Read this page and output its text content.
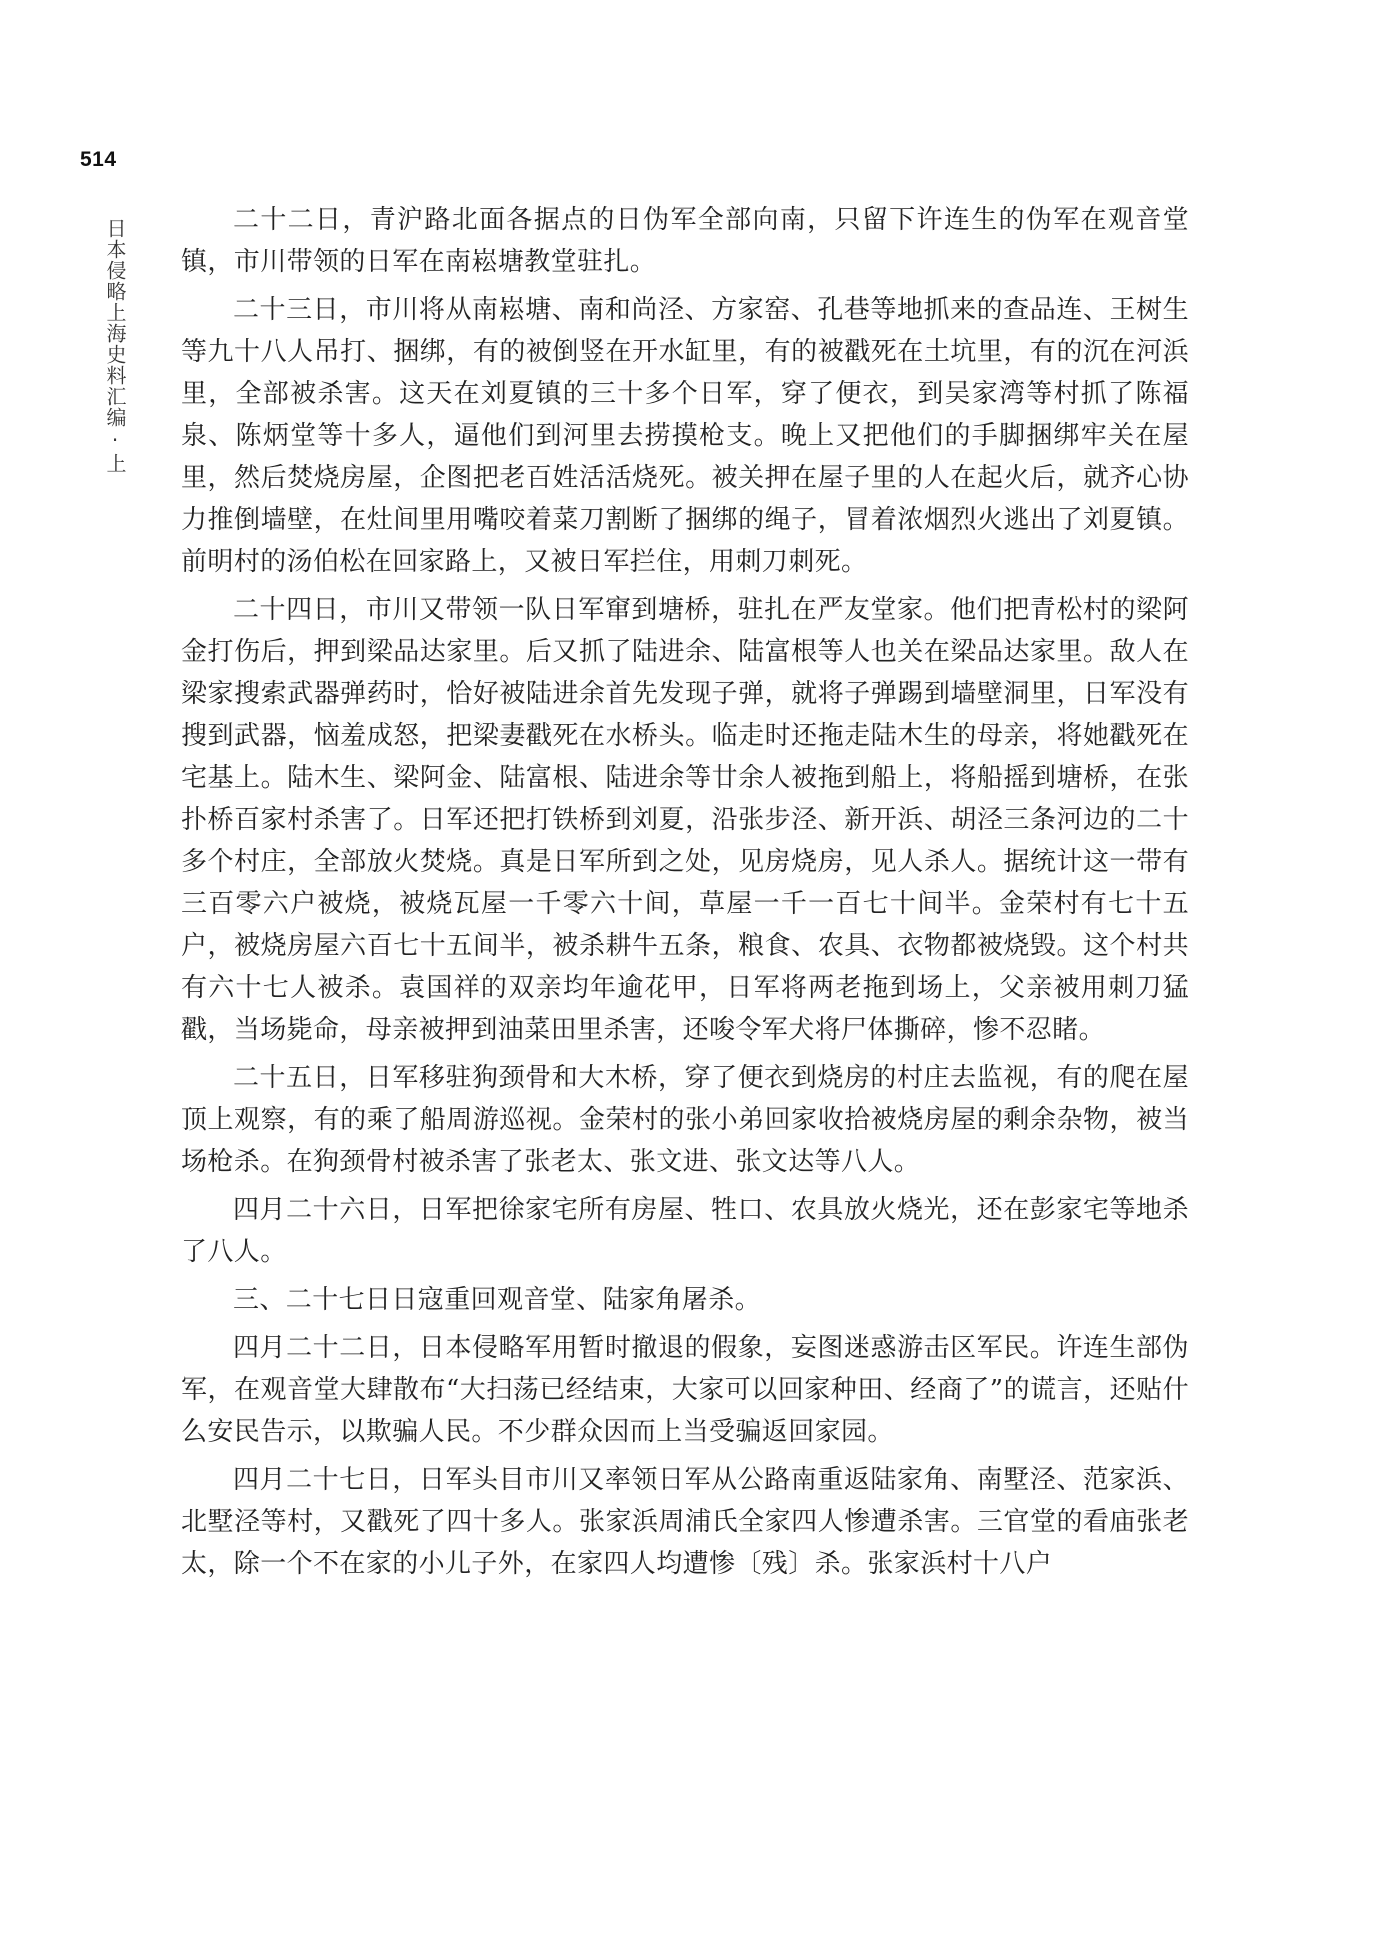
514
日本侵略上海史料汇编·上	二十二日，青沪路北面各据点的日伪军全部向南，只留下许连生的伪军在观音堂镇，市川带领的日军在南崧塘教堂驻扎。

二十三日，市川将从南崧塘、南和尚泾、方家窑、孔巷等地抓来的查品连、王树生等九十八人吊打、捆绑，有的被倒竖在开水缸里，有的被戳死在土坑里，有的沉在河浜里，全部被杀害。这天在刘夏镇的三十多个日军，穿了便衣，到吴家湾等村抓了陈福泉、陈炳堂等十多人，逼他们到河里去捞摸枪支。晚上又把他们的手脚捆绑牢关在屋里，然后焚烧房屋，企图把老百姓活活烧死。被关押在屋子里的人在起火后，就齐心协力推倒墙壁，在灶间里用嘴咬着菜刀割断了捆绑的绳子，冒着浓烟烈火逃出了刘夏镇。前明村的汤伯松在回家路上，又被日军拦住，用刺刀刺死。

二十四日，市川又带领一队日军窜到塘桥，驻扎在严友堂家。他们把青松村的梁阿金打伤后，押到梁品达家里。后又抓了陆进余、陆富根等人也关在梁品达家里。敌人在梁家搜索武器弹药时，恰好被陆进余首先发现子弹，就将子弹踢到墙壁洞里，日军没有搜到武器，恼羞成怒，把梁妻戳死在水桥头。临走时还拖走陆木生的母亲，将她戳死在宅基上。陆木生、梁阿金、陆富根、陆进余等廿余人被拖到船上，将船摇到塘桥，在张扑桥百家村杀害了。日军还把打铁桥到刘夏，沿张步泾、新开浜、胡泾三条河边的二十多个村庄，全部放火焚烧。真是日军所到之处，见房烧房，见人杀人。据统计这一带有三百零六户被烧，被烧瓦屋一千零六十间，草屋一千一百七十间半。金荣村有七十五户，被烧房屋六百七十五间半，被杀耕牛五条，粮食、农具、衣物都被烧毁。这个村共有六十七人被杀。袁国祥的双亲均年逾花甲，日军将两老拖到场上，父亲被用刺刀猛戳，当场毙命，母亲被押到油菜田里杀害，还唆令军犬将尸体撕碎，惨不忍睹。

二十五日，日军移驻狗颈骨和大木桥，穿了便衣到烧房的村庄去监视，有的爬在屋顶上观察，有的乘了船周游巡视。金荣村的张小弟回家收拾被烧房屋的剩余杂物，被当场枪杀。在狗颈骨村被杀害了张老太、张文进、张文达等八人。

四月二十六日，日军把徐家宅所有房屋、牲口、农具放火烧光，还在彭家宅等地杀了八人。

三、二十七日日寇重回观音堂、陆家角屠杀。

四月二十二日，日本侵略军用暂时撤退的假象，妄图迷惑游击区军民。许连生部伪军，在观音堂大肆散布“大扫荡已经结束，大家可以回家种田、经商了”的谎言，还贴什么安民告示，以欺骗人民。不少群众因而上当受骗返回家园。

四月二十七日，日军头目市川又率领日军从公路南重返陆家角、南墅泾、范家浜、北墅泾等村，又戳死了四十多人。张家浜周浦氏全家四人惨遭杀害。三官堂的看庙张老太，除一个不在家的小儿子外，在家四人均遭惨〔残〕杀。张家浜村十八户
